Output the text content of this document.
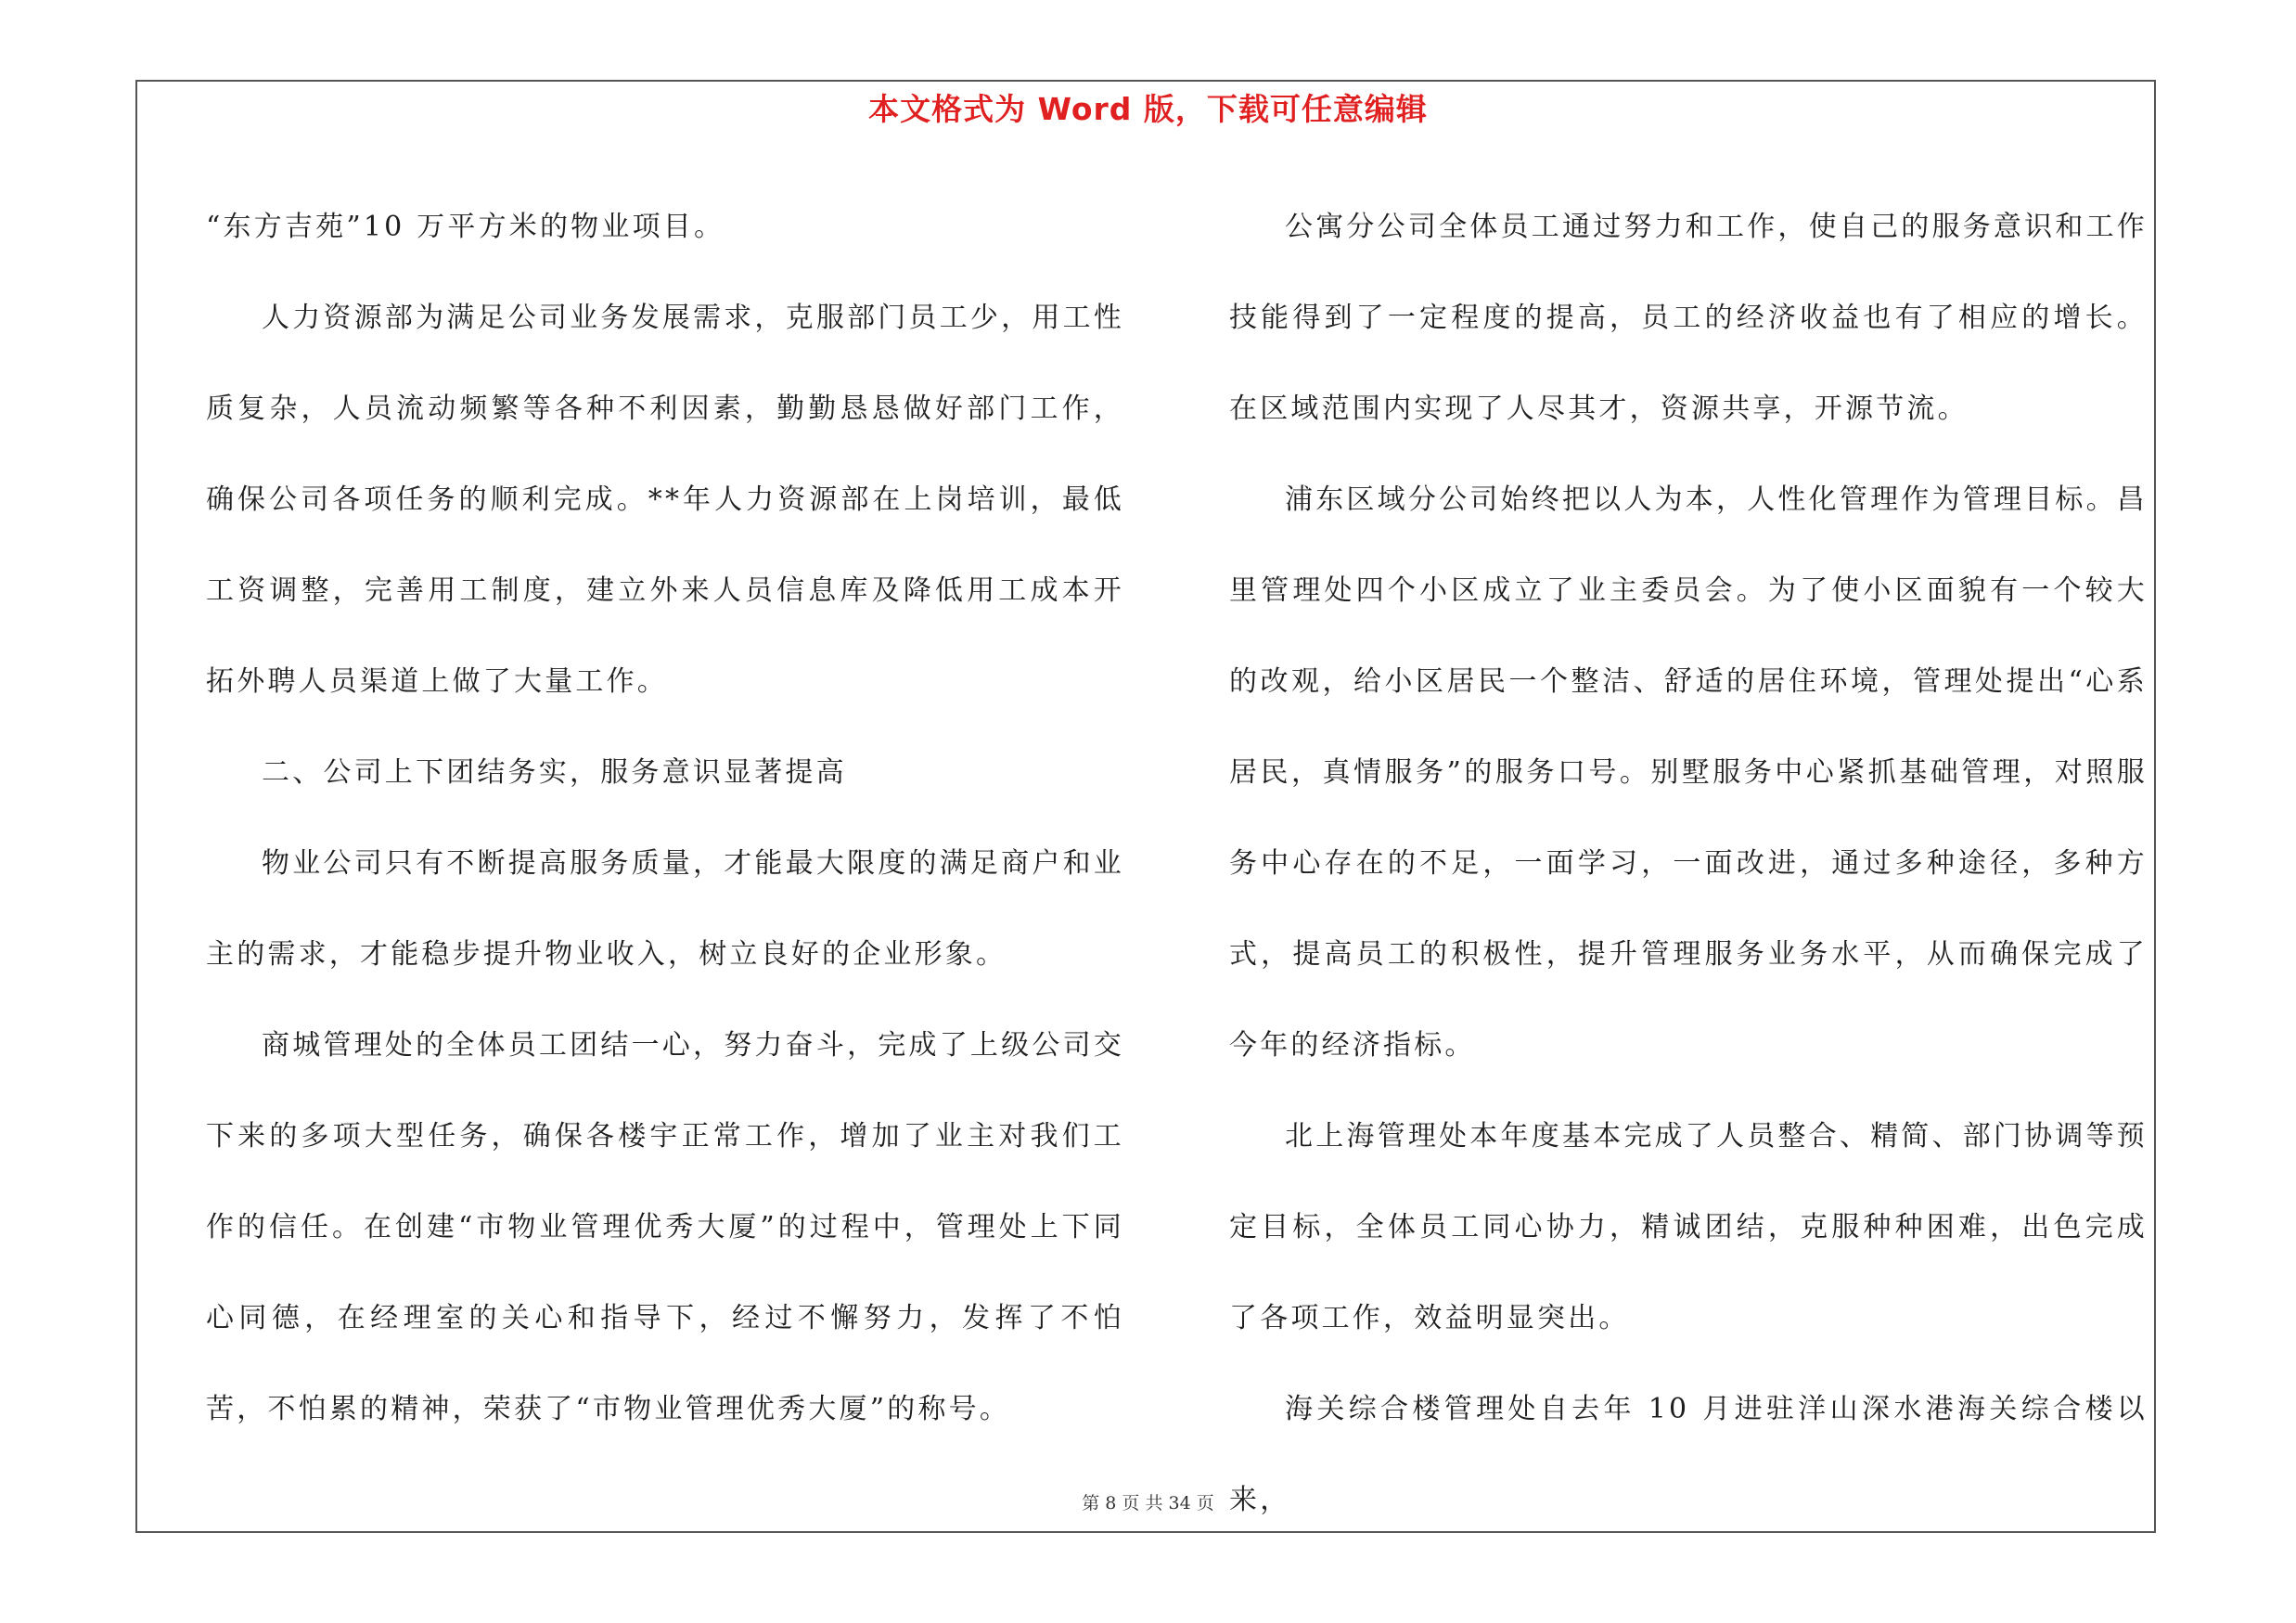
本文格式为 Word 版，下载可任意编辑

“东方吉苑”10 万平方米的物业项目。

人力资源部为满足公司业务发展需求，克服部门员工少，用工性质复杂，人员流动频繁等各种不利因素，勤勤恳恳做好部门工作，确保公司各项任务的顺利完成。**年人力资源部在上岗培训，最低工资调整，完善用工制度，建立外来人员信息库及降低用工成本开拓外聘人员渠道上做了大量工作。

二、公司上下团结务实，服务意识显著提高

物业公司只有不断提高服务质量，才能最大限度的满足商户和业主的需求，才能稳步提升物业收入，树立良好的企业形象。

商城管理处的全体员工团结一心，努力奋斗，完成了上级公司交下来的多项大型任务，确保各楼宇正常工作，增加了业主对我们工作的信任。在创建“市物业管理优秀大厦”的过程中，管理处上下同心同德，在经理室的关心和指导下，经过不懈努力，发挥了不怕苦，不怕累的精神，荣获了“市物业管理优秀大厦”的称号。

公寓分公司全体员工通过努力和工作，使自己的服务意识和工作技能得到了一定程度的提高，员工的经济收益也有了相应的增长。在区域范围内实现了人尽其才，资源共享，开源节流。

浦东区域分公司始终把以人为本，人性化管理作为管理目标。昌里管理处四个小区成立了业主委员会。为了使小区面貌有一个较大的改观，给小区居民一个整洁、舒适的居住环境，管理处提出“心系居民，真情服务”的服务口号。别墅服务中心紧抓基础管理，对照服务中心存在的不足，一面学习，一面改进，通过多种途径，多种方式，提高员工的积极性，提升管理服务业务水平，从而确保完成了今年的经济指标。

北上海管理处本年度基本完成了人员整合、精简、部门协调等预定目标，全体员工同心协力，精诚团结，克服种种困难，出色完成了各项工作，效益明显突出。

海关综合楼管理处自去年 10 月进驻洋山深水港海关综合楼以来，

第 8 页 共 34 页
